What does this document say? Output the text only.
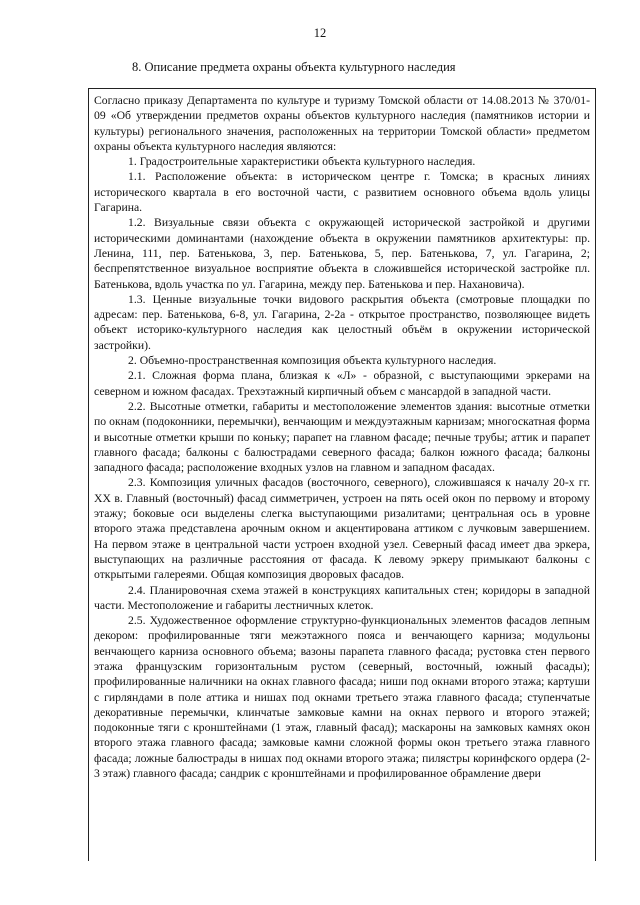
12
8. Описание предмета охраны объекта культурного наследия

Согласно приказу Департамента по культуре и туризму Томской области от 14.08.2013 № 370/01-09 «Об утверждении предметов охраны объектов культурного наследия (памятников истории и культуры) регионального значения, расположенных на территории Томской области» предметом охраны объекта культурного наследия являются:

1. Градостроительные характеристики объекта культурного наследия.

1.1. Расположение объекта: в историческом центре г. Томска; в красных линиях исторического квартала в его восточной части, с развитием основного объема вдоль улицы Гагарина.

1.2. Визуальные связи объекта с окружающей исторической застройкой и другими историческими доминантами (нахождение объекта в окружении памятников архитектуры: пр. Ленина, 111, пер. Батенькова, 3, пер. Батенькова, 5, пер. Батенькова, 7, ул. Гагарина, 2; беспрепятственное визуальное восприятие объекта в сложившейся исторической застройке пл. Батенькова, вдоль участка по ул. Гагарина, между пер. Батенькова и пер. Нахановича).

1.3. Ценные визуальные точки видового раскрытия объекта (смотровые площадки по адресам: пер. Батенькова, 6-8, ул. Гагарина, 2-2а - открытое пространство, позволяющее видеть объект историко-культурного наследия как целостный объём в окружении исторической застройки).

2. Объемно-пространственная композиция объекта культурного наследия.

2.1. Сложная форма плана, близкая к «Л» - образной, с выступающими эркерами на северном и южном фасадах. Трехэтажный кирпичный объем с мансардой в западной части.

2.2. Высотные отметки, габариты и местоположение элементов здания: высотные отметки по окнам (подоконники, перемычки), венчающим и междуэтажным карнизам; многоскатная форма и высотные отметки крыши по коньку; парапет на главном фасаде; печные трубы; аттик и парапет главного фасада; балконы с балюстрадами северного фасада; балкон южного фасада; балконы западного фасада; расположение входных узлов на главном и западном фасадах.

2.3. Композиция уличных фасадов (восточного, северного), сложившаяся к началу 20-х гг. XX в. Главный (восточный) фасад симметричен, устроен на пять осей окон по первому и второму этажу; боковые оси выделены слегка выступающими ризалитами; центральная ось в уровне второго этажа представлена арочным окном и акцентирована аттиком с лучковым завершением. На первом этаже в центральной части устроен входной узел. Северный фасад имеет два эркера, выступающих на различные расстояния от фасада. К левому эркеру примыкают балконы с открытыми галереями. Общая композиция дворовых фасадов.

2.4. Планировочная схема этажей в конструкциях капитальных стен; коридоры в западной части. Местоположение и габариты лестничных клеток.

2.5. Художественное оформление структурно-функциональных элементов фасадов лепным декором: профилированные тяги межэтажного пояса и венчающего карниза; модульоны венчающего карниза основного объема; вазоны парапета главного фасада; рустовка стен первого этажа французским горизонтальным рустом (северный, восточный, южный фасады); профилированные наличники на окнах главного фасада; ниши под окнами второго этажа; картуши с гирляндами в поле аттика и нишах под окнами третьего этажа главного фасада; ступенчатые декоративные перемычки, клинчатые замковые камни на окнах первого и второго этажей; подоконные тяги с кронштейнами (1 этаж, главный фасад); маскароны на замковых камнях окон второго этажа главного фасада; замковые камни сложной формы окон третьего этажа главного фасада; ложные балюстрады в нишах под окнами второго этажа; пилястры коринфского ордера (2-3 этаж) главного фасада; сандрик с кронштейнами и профилированное обрамление двери
